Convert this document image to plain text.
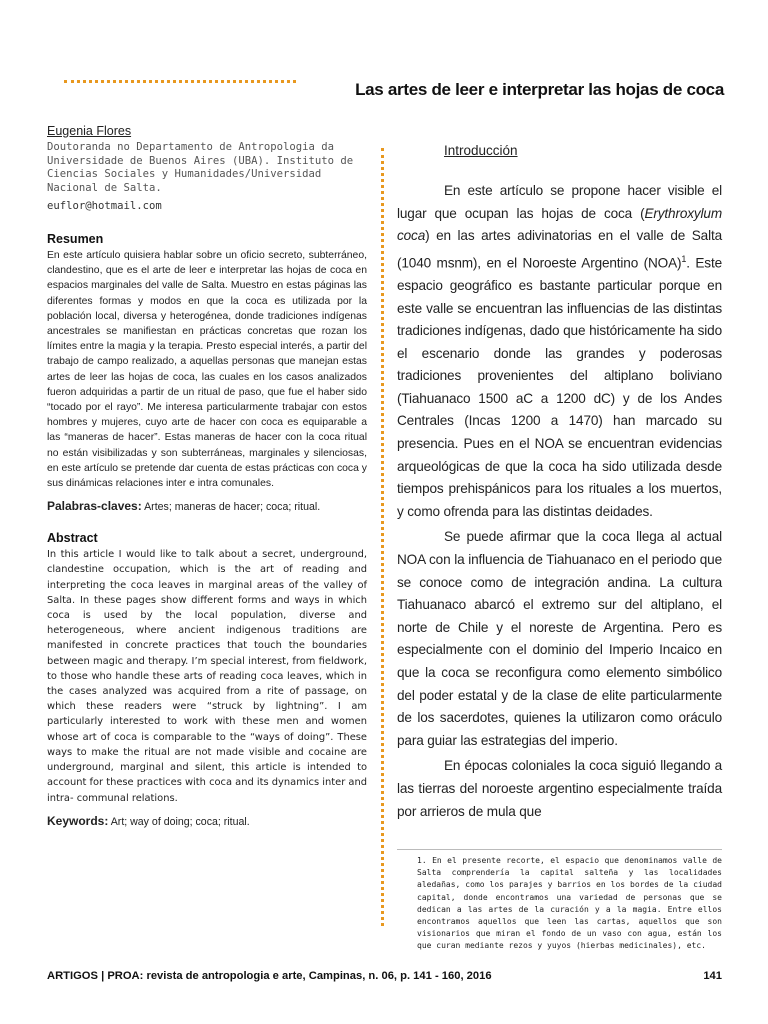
Las artes de leer e interpretar las hojas de coca

Eugenia Flores

Doutoranda no Departamento de Antropologia da Universidade de Buenos Aires (UBA). Instituto de Ciencias Sociales y Humanidades/Universidad Nacional de Salta.

euflor@hotmail.com

Resumen

En este artículo quisiera hablar sobre un oficio secreto, subterráneo, clandestino, que es el arte de leer e interpretar las hojas de coca en espacios marginales del valle de Salta. Muestro en estas páginas las diferentes formas y modos en que la coca es utilizada por la población local, diversa y heterogénea, donde tradiciones indígenas ancestrales se manifiestan en prácticas concretas que rozan los límites entre la magia y la terapia. Presto especial interés, a partir del trabajo de campo realizado, a aquellas personas que manejan estas artes de leer las hojas de coca, las cuales en los casos analizados fueron adquiridas a partir de un ritual de paso, que fue el haber sido “tocado por el rayo”. Me interesa particularmente trabajar con estos hombres y mujeres, cuyo arte de hacer con coca es equiparable a las “maneras de hacer”. Estas maneras de hacer con la coca ritual no están visibilizadas y son subterráneas, marginales y silenciosas, en este artículo se pretende dar cuenta de estas prácticas con coca y sus dinámicas relaciones inter e intra comunales.

Palabras-claves: Artes; maneras de hacer; coca; ritual.

Abstract

In this article I would like to talk about a secret, underground, clandestine occupation, which is the art of reading and interpreting the coca leaves in marginal areas of the valley of Salta. In these pages show different forms and ways in which coca is used by the local population, diverse and heterogeneous, where ancient indigenous traditions are manifested in concrete practices that touch the boundaries between magic and therapy. I’m special interest, from fieldwork, to those who handle these arts of reading coca leaves, which in the cases analyzed was acquired from a rite of passage, on which these readers were “struck by lightning”. I am particularly interested to work with these men and women whose art of coca is comparable to the “ways of doing”. These ways to make the ritual are not made visible and cocaine are underground, marginal and silent, this article is intended to account for these practices with coca and its dynamics inter and intra- communal relations.

Keywords: Art; way of doing; coca; ritual.

Introducción

En este artículo se propone hacer visible el lugar que ocupan las hojas de coca (Erythroxylum coca) en las artes adivinatorias en el valle de Salta (1040 msnm), en el Noroeste Argentino (NOA)$^1$. Este espacio geográfico es bastante particular porque en este valle se encuentran las influencias de las distintas tradiciones indígenas, dado que históricamente ha sido el escenario donde las grandes y poderosas tradiciones provenientes del altiplano boliviano (Tiahuanaco 1500 aC a 1200 dC) y de los Andes Centrales (Incas 1200 a 1470) han marcado su presencia. Pues en el NOA se encuentran evidencias arqueológicas de que la coca ha sido utilizada desde tiempos prehispánicos para los rituales a los muertos, y como ofrenda para las distintas deidades.

Se puede afirmar que la coca llega al actual NOA con la influencia de Tiahuanaco en el periodo que se conoce como de integración andina. La cultura Tiahuanaco abarcó el extremo sur del altiplano, el norte de Chile y el noreste de Argentina. Pero es especialmente con el dominio del Imperio Incaico en que la coca se reconfigura como elemento simbólico del poder estatal y de la clase de elite particularmente de los sacerdotes, quienes la utilizaron como oráculo para guiar las estrategias del imperio.

En épocas coloniales la coca siguió llegando a las tierras del noroeste argentino especialmente traída por arrieros de mula que

1. En el presente recorte, el espacio que denominamos valle de Salta comprendería la capital salteña y las localidades aledañas, como los parajes y barrios en los bordes de la ciudad capital, donde encontramos una variedad de personas que se dedican a las artes de la curación y a la magia. Entre ellos encontramos aquellos que leen las cartas, aquellos que son visionarios que miran el fondo de un vaso con agua, están los que curan mediante rezos y yuyos (hierbas medicinales), etc.

ARTIGOS | PROA: revista de antropologia e arte, Campinas, n. 06, p. 141 - 160, 2016	141
